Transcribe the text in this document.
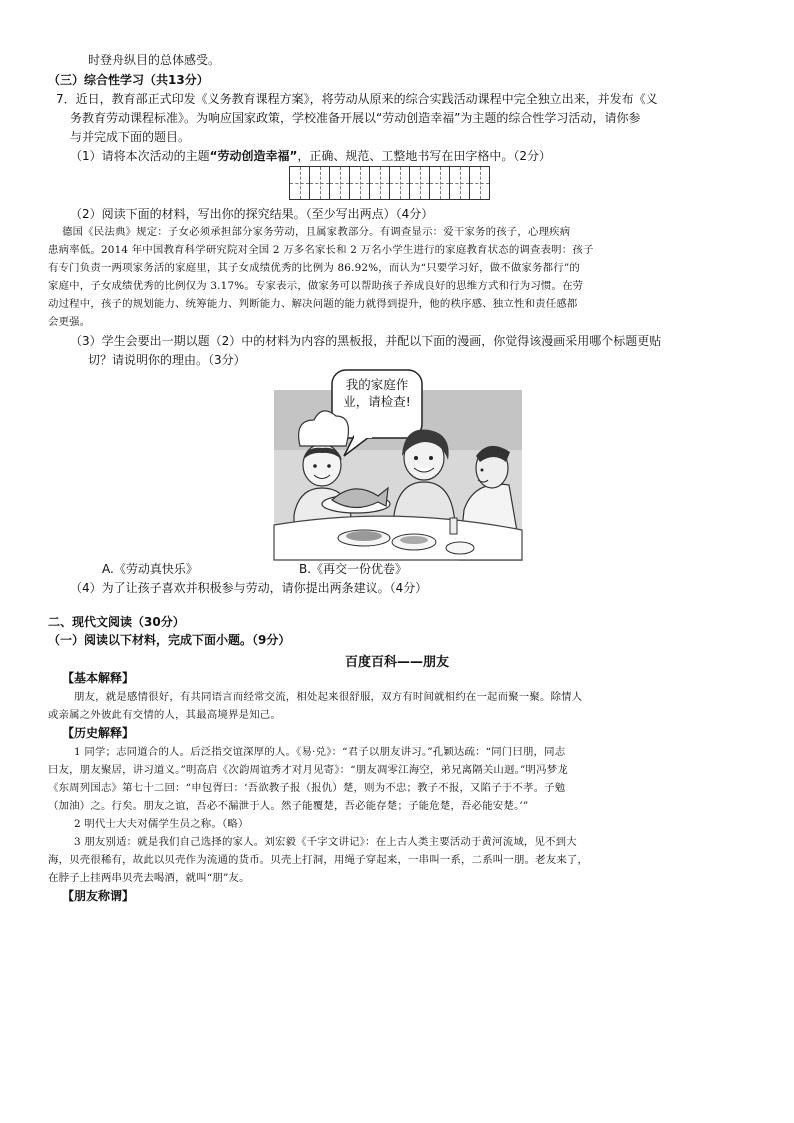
时登舟纵目的总体感受。
（三）综合性学习（共13分）
7．近日，教育部正式印发《义务教育课程方案》，将劳动从原来的综合实践活动课程中完全独立出来，并发布《义
务教育劳动课程标准》。为响应国家政策，学校准备开展以“劳动创造幸福”为主题的综合性学习活动，请你参
与并完成下面的题目。
（1）请将本次活动的主题“劳动创造幸福”，正确、规范、工整地书写在田字格中。（2分）
（2）阅读下面的材料，写出你的探究结果。（至少写出两点）（4分）
德国《民法典》规定：子女必须承担部分家务劳动，且属家教部分。有调查显示：爱干家务的孩子，心理疾病
患病率低。2014 年中国教育科学研究院对全国 2 万多名家长和 2 万名小学生进行的家庭教育状态的调查表明：孩子
有专门负责一两项家务活的家庭里，其子女成绩优秀的比例为 86.92%，而认为“只要学习好，做不做家务都行”的
家庭中，子女成绩优秀的比例仅为 3.17%。专家表示，做家务可以帮助孩子养成良好的思维方式和行为习惯。在劳
动过程中，孩子的规划能力、统筹能力、判断能力、解决问题的能力就得到提升，他的秩序感、独立性和责任感都
会更强。
（3）学生会要出一期以题（2）中的材料为内容的黑板报，并配以下面的漫画，你觉得该漫画采用哪个标题更贴
切？请说明你的理由。（3分）
我的家庭作
业，请检查!
A.《劳动真快乐》	B.《再交一份优卷》
（4）为了让孩子喜欢并积极参与劳动，请你提出两条建议。（4分）
二、现代文阅读（30分）
（一）阅读以下材料，完成下面小题。（9分）
百度百科——朋友
【基本解释】
朋友，就是感情很好，有共同语言而经常交流，相处起来很舒服，双方有时间就相约在一起而聚一聚。除情人
或亲属之外彼此有交情的人，其最高境界是知己。
【历史解释】
1 同学；志同道合的人。后泛指交谊深厚的人。《易·兑》：“君子以朋友讲习。”孔颖达疏：“同门曰朋，同志
曰友，朋友聚居，讲习道义。”明高启《次韵周谊秀才对月见寄》：“朋友凋零江海空，弟兄离隔关山迥。”明冯梦龙
《东周列国志》第七十二回：“申包胥曰：‘吾欲教子报（报仇）楚，则为不忠；教子不报，又陷子于不孝。子勉
（加油）之。行矣。朋友之谊，吾必不漏泄于人。然子能覆楚，吾必能存楚；子能危楚，吾必能安楚。’”
2 明代士大夫对儒学生员之称。（略）
3 朋友别适：就是我们自己选择的家人。刘宏毅《千字文讲记》：在上古人类主要活动于黄河流域，见不到大
海，贝壳很稀有，故此以贝壳作为流通的货币。贝壳上打洞，用绳子穿起来，一串叫一系，二系叫一朋。老友来了，
在脖子上挂两串贝壳去喝酒，就叫“朋”友。
【朋友称谓】
